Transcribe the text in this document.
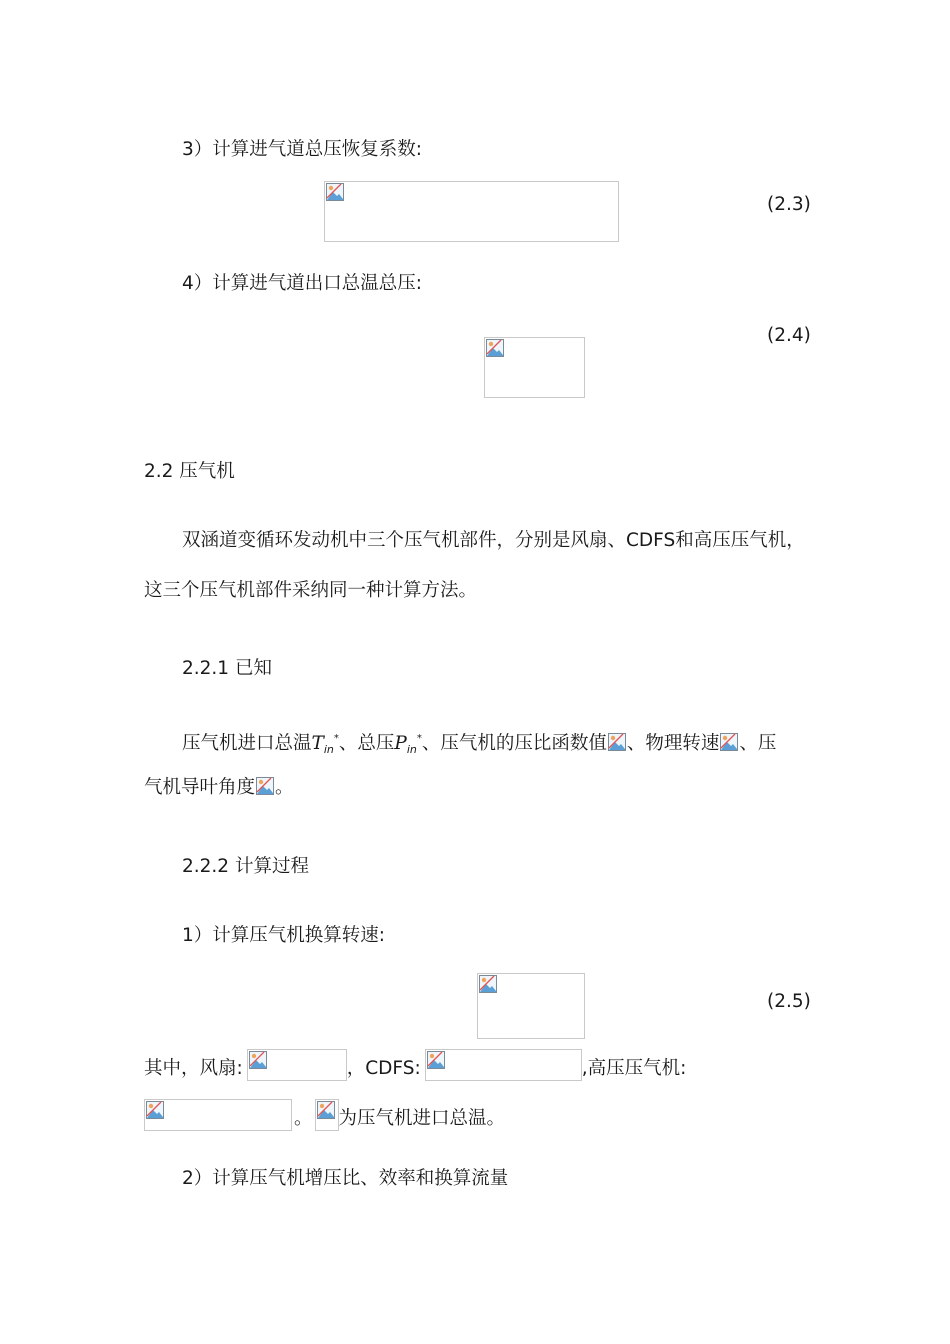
3）计算进气道总压恢复系数:
(2.3)
4）计算进气道出口总温总压:
(2.4)
2.2 压气机
双涵道变循环发动机中三个压气机部件，分别是风扇、CDFS和高压压气机，
这三个压气机部件采纳同一种计算方法。
2.2.1 已知
压气机进口总温$T_{in}^*$、总压$P_{in}^*$、压气机的压比函数值 、物理转速 、压
气机导叶角度 。
2.2.2 计算过程
1）计算压气机换算转速:
(2.5)
其中，风扇:	，CDFS:	,高压压气机:
。 为压气机进口总温。
2）计算压气机增压比、效率和换算流量
